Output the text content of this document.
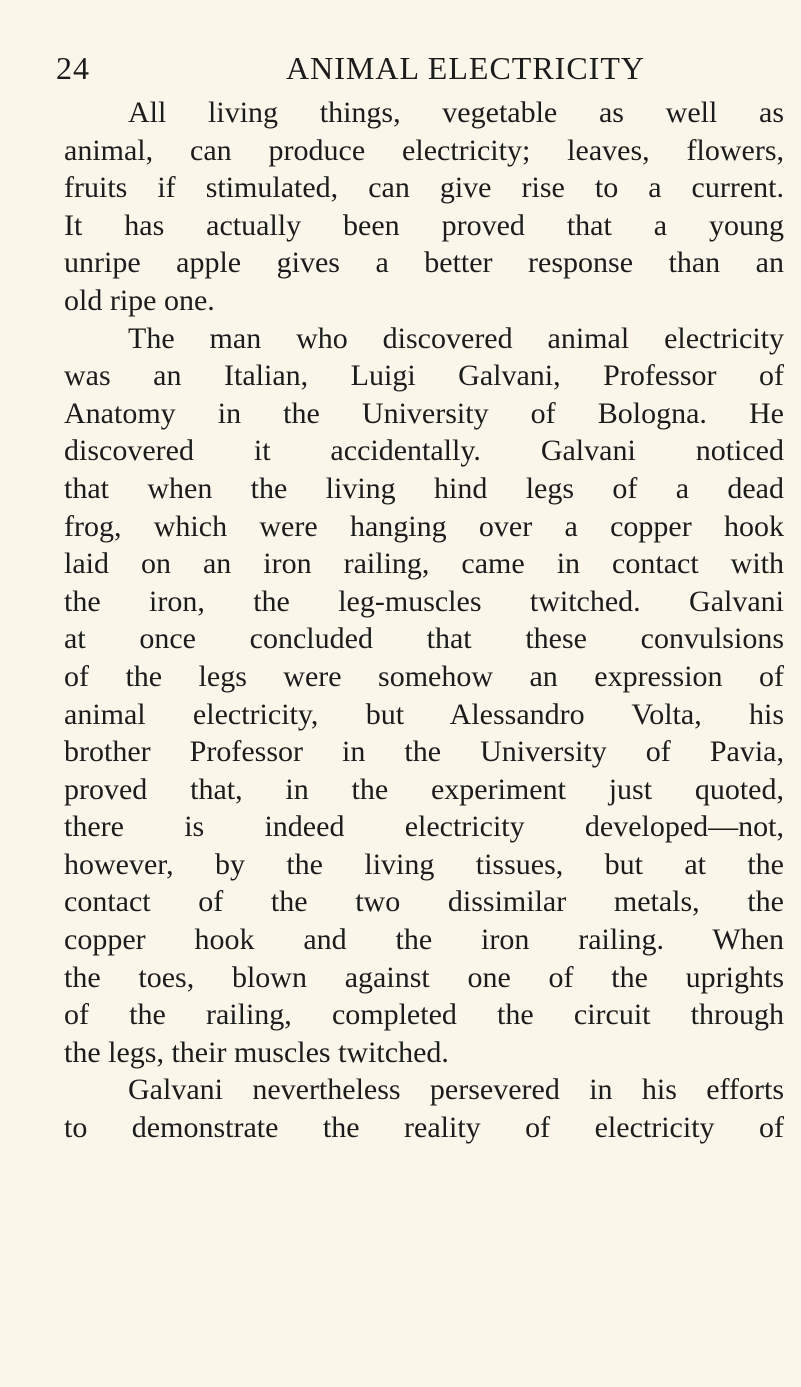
24	ANIMAL ELECTRICITY
All living things, vegetable as well as
animal, can produce electricity; leaves, flowers,
fruits if stimulated, can give rise to a current.
It has actually been proved that a young
unripe apple gives a better response than an
old ripe one.
The man who discovered animal electricity
was an Italian, Luigi Galvani, Professor of
Anatomy in the University of Bologna. He
discovered it accidentally. Galvani noticed
that when the living hind legs of a dead
frog, which were hanging over a copper hook
laid on an iron railing, came in contact with
the iron, the leg-muscles twitched. Galvani
at once concluded that these convulsions
of the legs were somehow an expression of
animal electricity, but Alessandro Volta, his
brother Professor in the University of Pavia,
proved that, in the experiment just quoted,
there is indeed electricity developed—not,
however, by the living tissues, but at the
contact of the two dissimilar metals, the
copper hook and the iron railing. When
the toes, blown against one of the uprights
of the railing, completed the circuit through
the legs, their muscles twitched.
Galvani nevertheless persevered in his efforts
to demonstrate the reality of electricity of
